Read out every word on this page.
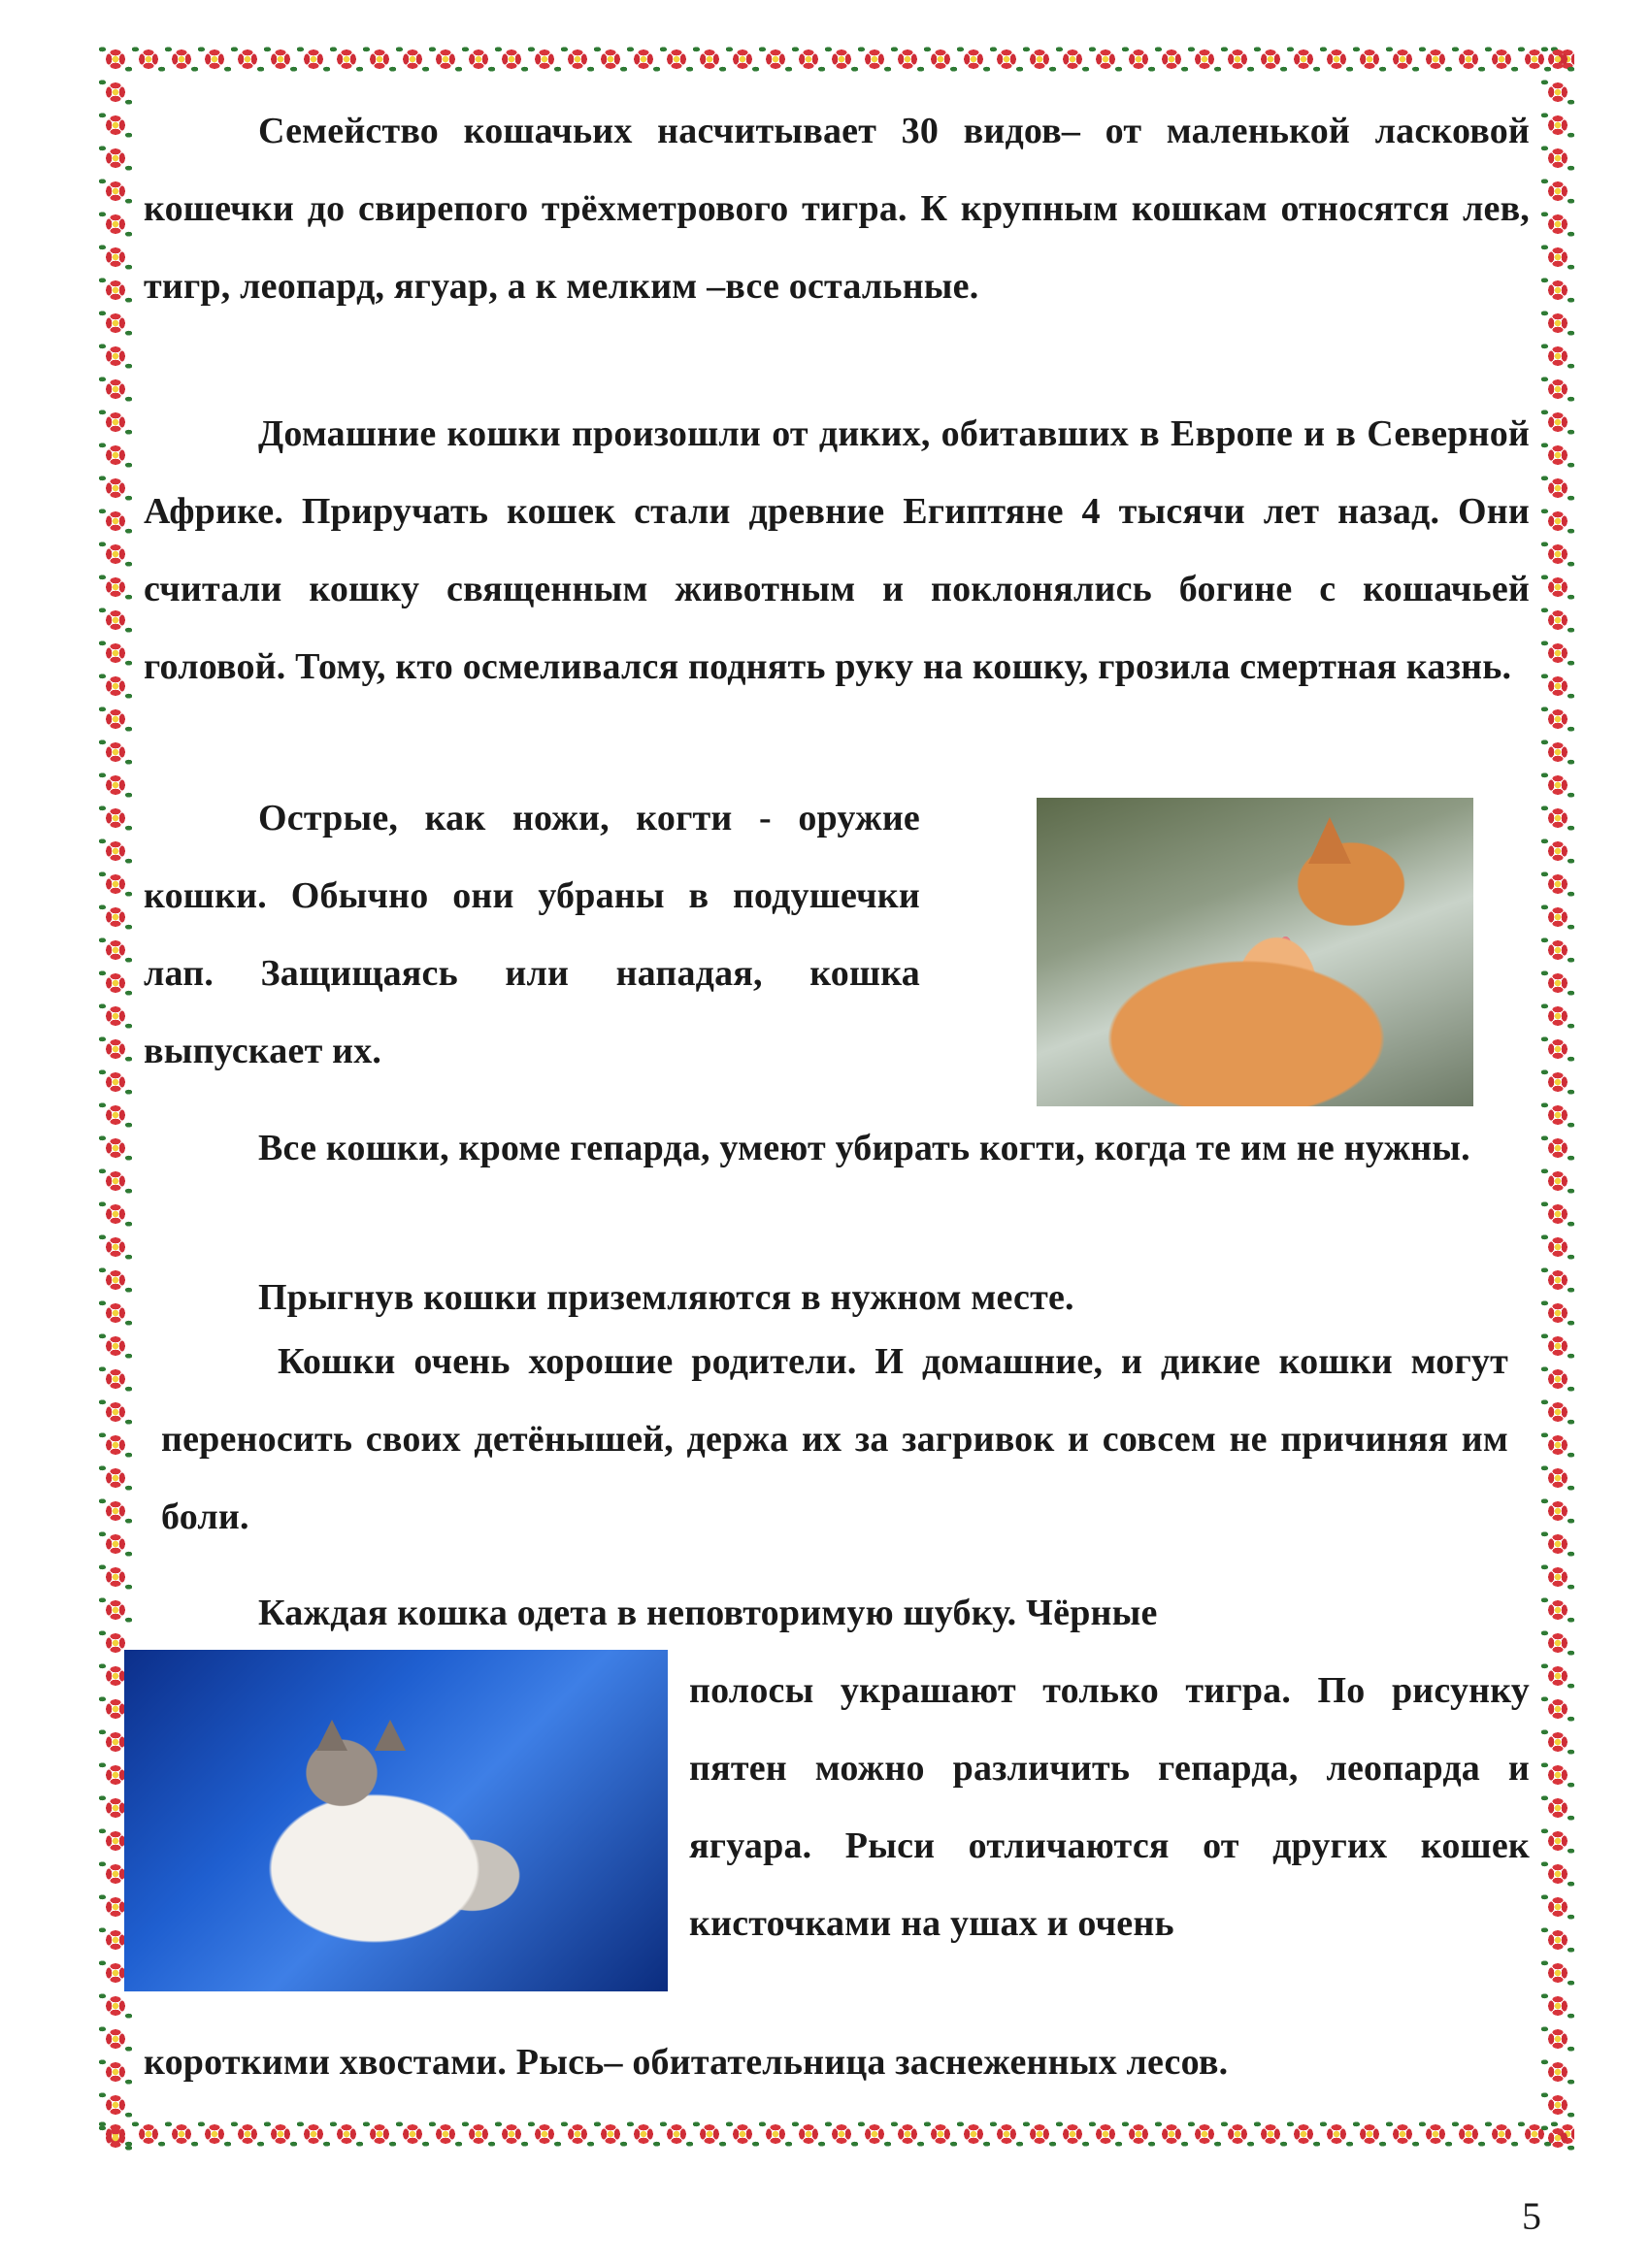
Семейство кошачьих насчитывает 30 видов– от маленькой ласковой кошечки до свирепого трёхметрового тигра. К крупным кошкам относятся лев, тигр, леопард, ягуар, а к мелким –все остальные.
Домашние кошки произошли от диких, обитавших в Европе и в Северной Африке. Приручать кошек стали древние Египтяне 4 тысячи лет назад. Они считали кошку священным животным и поклонялись богине с кошачьей головой. Тому, кто осмеливался поднять руку на кошку, грозила смертная казнь.
Острые, как ножи, когти - оружие кошки. Обычно они убраны в подушечки лап. Защищаясь или нападая, кошка выпускает их.
Все кошки, кроме гепарда, умеют убирать когти, когда те им не нужны.
Прыгнув кошки приземляются в нужном месте.
Кошки очень хорошие родители. И домашние, и дикие кошки могут переносить своих детёнышей, держа их за загривок и совсем не причиняя им боли.
Каждая кошка одета в неповторимую шубку. Чёрные
полосы украшают только тигра. По рисунку пятен можно различить гепарда, леопарда и ягуара. Рыси отличаются от других кошек кисточками на ушах и очень
короткими хвостами. Рысь– обитательница заснеженных лесов.
5
